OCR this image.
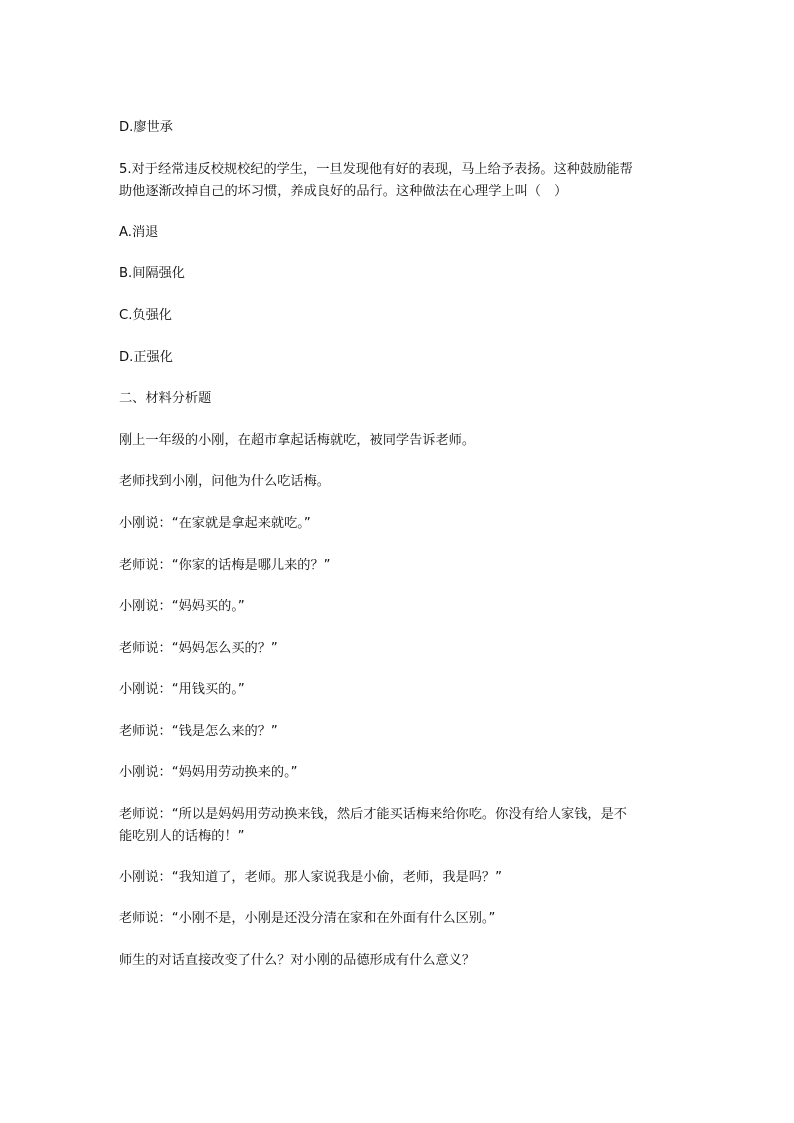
D.廖世承
5.对于经常违反校规校纪的学生，一旦发现他有好的表现，马上给予表扬。这种鼓励能帮
助他逐渐改掉自己的坏习惯，养成良好的品行。这种做法在心理学上叫（　）
A.消退
B.间隔强化
C.负强化
D.正强化
二、材料分析题
刚上一年级的小刚，在超市拿起话梅就吃，被同学告诉老师。
老师找到小刚，问他为什么吃话梅。
小刚说：“在家就是拿起来就吃。”
老师说：“你家的话梅是哪儿来的？”
小刚说：“妈妈买的。”
老师说：“妈妈怎么买的？”
小刚说：“用钱买的。”
老师说：“钱是怎么来的？”
小刚说：“妈妈用劳动换来的。”
老师说：“所以是妈妈用劳动换来钱，然后才能买话梅来给你吃。你没有给人家钱，是不
能吃别人的话梅的！”
小刚说：“我知道了，老师。那人家说我是小偷，老师，我是吗？”
老师说：“小刚不是，小刚是还没分清在家和在外面有什么区别。”
师生的对话直接改变了什么？对小刚的品德形成有什么意义？
